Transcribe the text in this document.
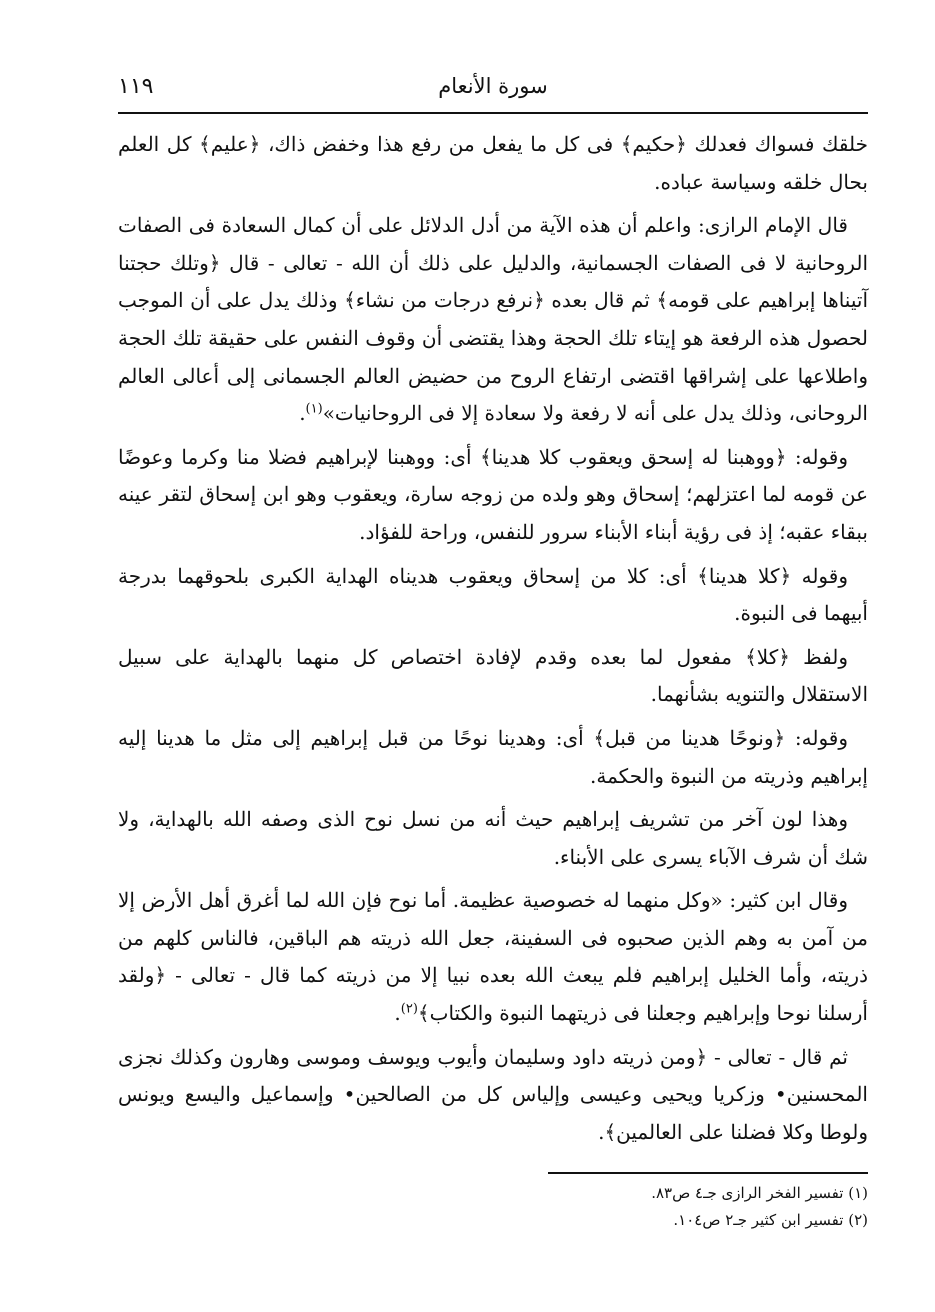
١١٩	سورة الأنعام

خلقك فسواك فعدلك ﴿حكيم﴾ فى كل ما يفعل من رفع هذا وخفض ذاك، ﴿عليم﴾ كل العلم بحال خلقه وسياسة عباده.

قال الإمام الرازى: واعلم أن هذه الآية من أدل الدلائل على أن كمال السعادة فى الصفات الروحانية لا فى الصفات الجسمانية، والدليل على ذلك أن الله - تعالى - قال ﴿وتلك حجتنا آتيناها إبراهيم على قومه﴾ ثم قال بعده ﴿نرفع درجات من نشاء﴾ وذلك يدل على أن الموجب لحصول هذه الرفعة هو إيتاء تلك الحجة وهذا يقتضى أن وقوف النفس على حقيقة تلك الحجة واطلاعها على إشراقها اقتضى ارتفاع الروح من حضيض العالم الجسمانى إلى أعالى العالم الروحانى، وذلك يدل على أنه لا رفعة ولا سعادة إلا فى الروحانيات»$^{(١)}$.

وقوله: ﴿ووهبنا له إسحق ويعقوب كلا هدينا﴾ أى: ووهبنا لإبراهيم فضلا منا وكرما وعوضًا عن قومه لما اعتزلهم؛ إسحاق وهو ولده من زوجه سارة، ويعقوب وهو ابن إسحاق لتقر عينه ببقاء عقبه؛ إذ فى رؤية أبناء الأبناء سرور للنفس، وراحة للفؤاد.

وقوله ﴿كلا هدينا﴾ أى: كلا من إسحاق ويعقوب هديناه الهداية الكبرى بلحوقهما بدرجة أبيهما فى النبوة.

ولفظ ﴿كلا﴾ مفعول لما بعده وقدم لإفادة اختصاص كل منهما بالهداية على سبيل الاستقلال والتنويه بشأنهما.

وقوله: ﴿ونوحًا هدينا من قبل﴾ أى: وهدينا نوحًا من قبل إبراهيم إلى مثل ما هدينا إليه إبراهيم وذريته من النبوة والحكمة.

وهذا لون آخر من تشريف إبراهيم حيث أنه من نسل نوح الذى وصفه الله بالهداية، ولا شك أن شرف الآباء يسرى على الأبناء.

وقال ابن كثير: «وكل منهما له خصوصية عظيمة. أما نوح فإن الله لما أغرق أهل الأرض إلا من آمن به وهم الذين صحبوه فى السفينة، جعل الله ذريته هم الباقين، فالناس كلهم من ذريته، وأما الخليل إبراهيم فلم يبعث الله بعده نبيا إلا من ذريته كما قال - تعالى - ﴿ولقد أرسلنا نوحا وإبراهيم وجعلنا فى ذريتهما النبوة والكتاب﴾$^{(٢)}$.

ثم قال - تعالى - ﴿ومن ذريته داود وسليمان وأيوب ويوسف وموسى وهارون وكذلك نجزى المحسنين• وزكريا ويحيى وعيسى وإلياس كل من الصالحين• وإسماعيل واليسع ويونس ولوطا وكلا فضلنا على العالمين﴾.

(١) تفسير الفخر الرازى جـ٤ ص٨٣.

(٢) تفسير ابن كثير جـ٢ ص١٠٤.
